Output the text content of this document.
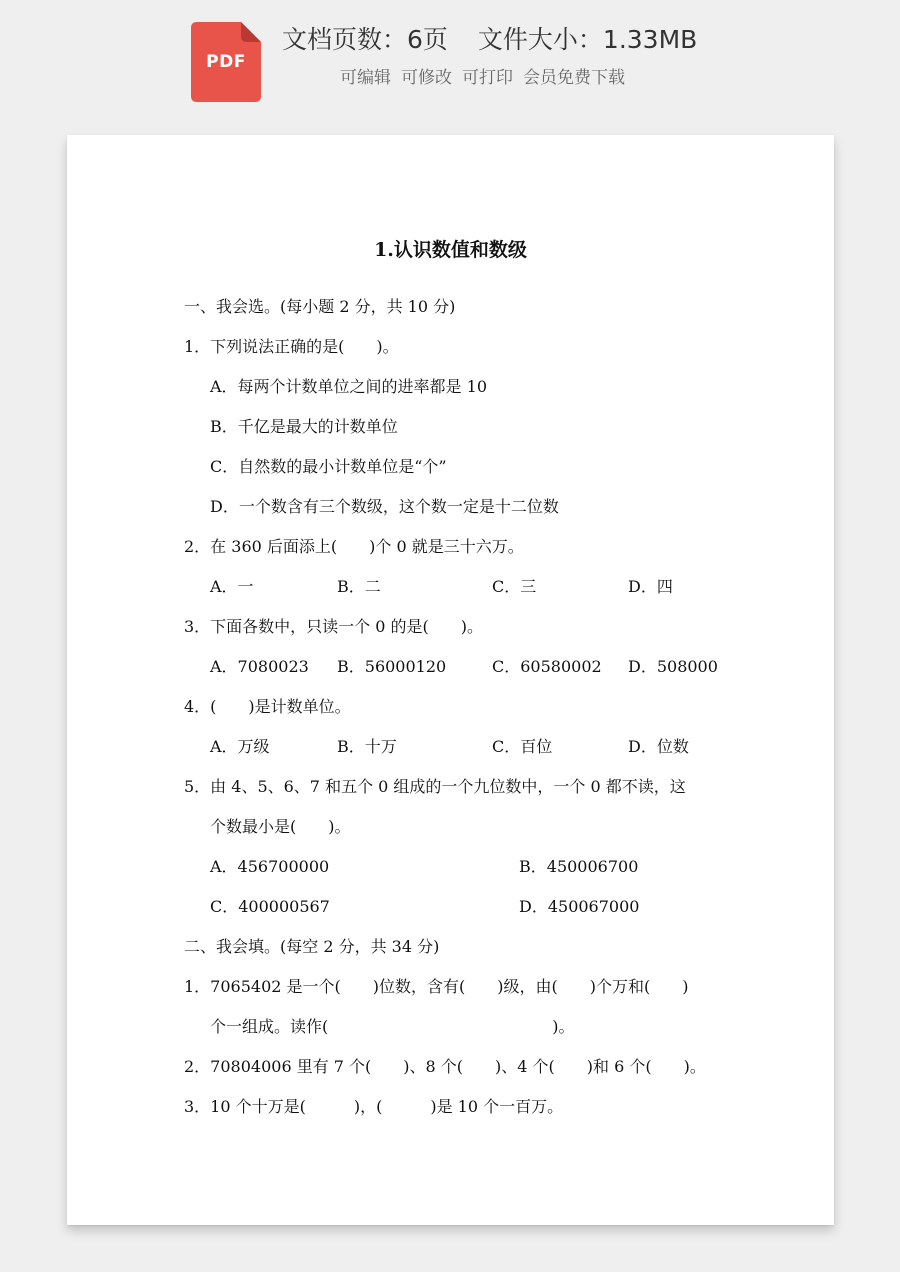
PDF
文档页数：6页 文件大小：1.33MB
可编辑 可修改 可打印 会员免费下载
1.认识数值和数级
一、我会选。(每小题 2 分，共 10 分)
1．下列说法正确的是(　　)。
A．每两个计数单位之间的进率都是 10
B．千亿是最大的计数单位
C．自然数的最小计数单位是“个”
D．一个数含有三个数级，这个数一定是十二位数
2．在 360 后面添上(　　)个 0 就是三十六万。
A．一	B．二	C．三	D．四
3．下面各数中，只读一个 0 的是(　　)。
A．7080023 B．56000120	C．60580002 D．508000
4．(　　)是计数单位。
A．万级	B．十万	C．百位	D．位数
5．由 4、5、6、7 和五个 0 组成的一个九位数中，一个 0 都不读，这
个数最小是(　　)。
A．456700000	B．450006700
C．400000567	D．450067000
二、我会填。(每空 2 分，共 34 分)
1．7065402 是一个(　　)位数，含有(　　)级，由(　　)个万和(　　)
个一组成。读作(　　　　　　　　　　　　　　)。
2．70804006 里有 7 个(　　)、8 个(　　)、4 个(　　)和 6 个(　　)。
3．10 个十万是(　　　)，(　　　)是 10 个一百万。
